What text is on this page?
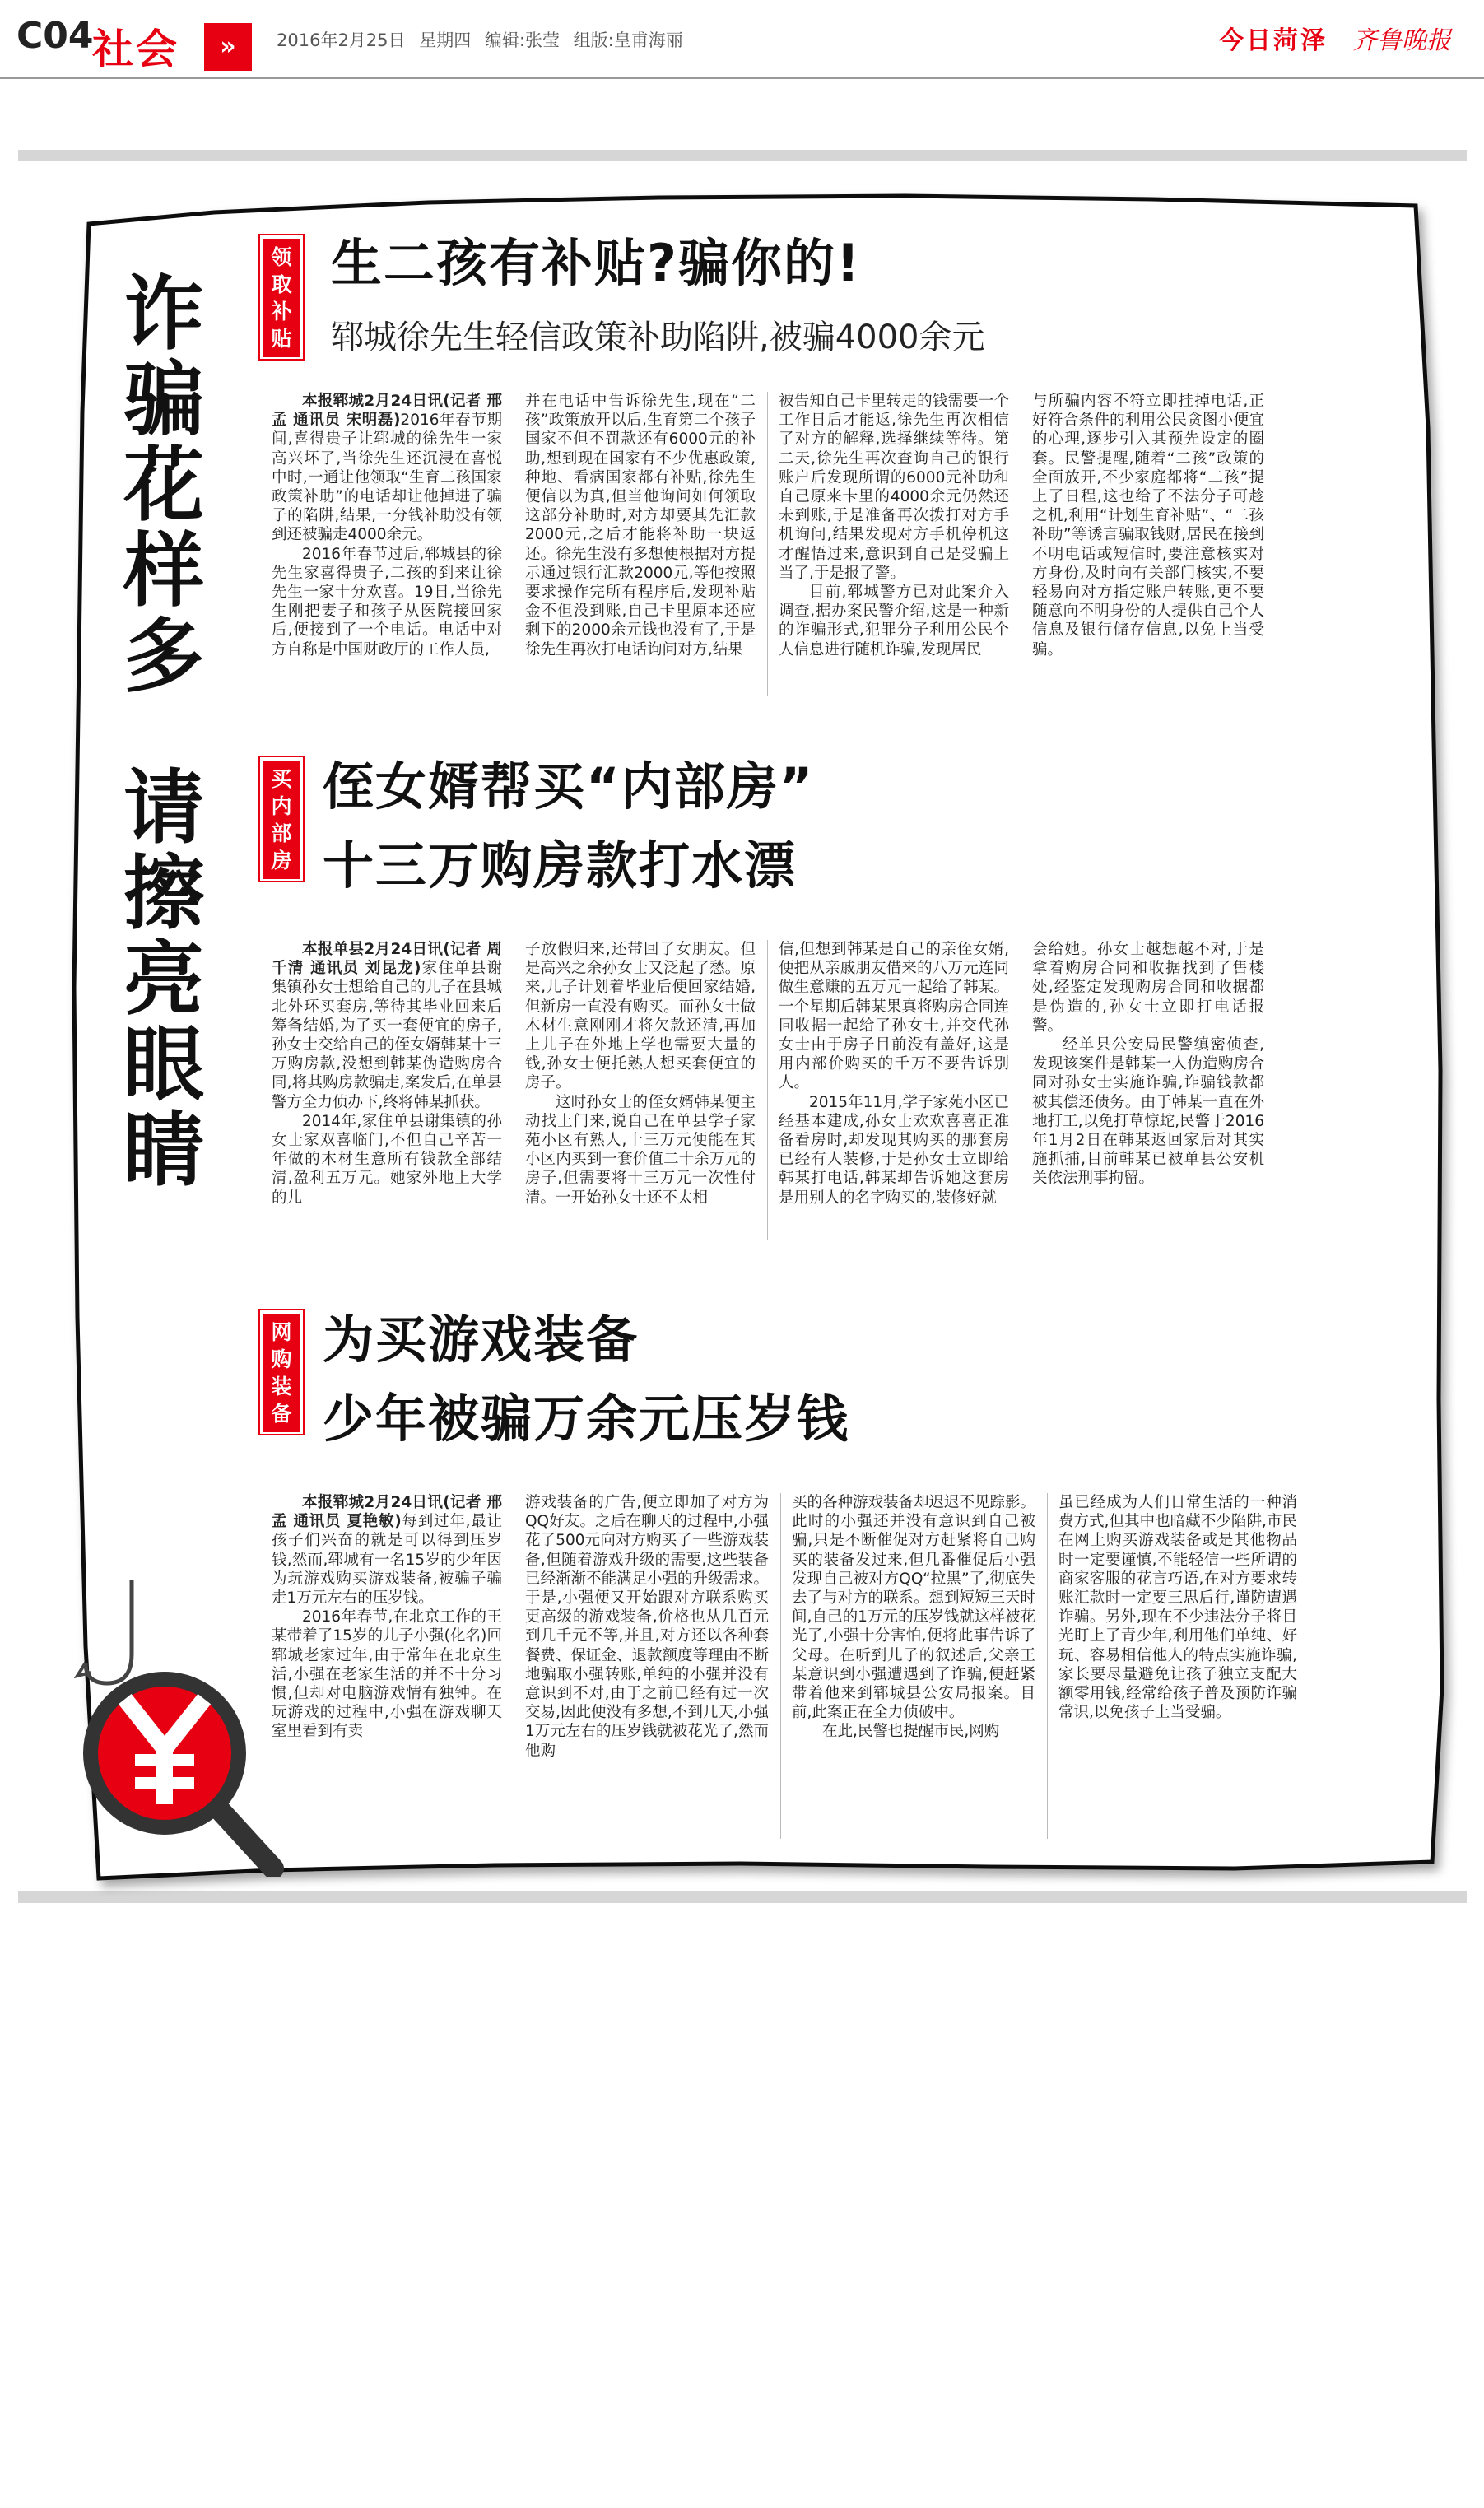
C04
社会	»	2016年2月25日 星期四 编辑:张莹 组版:皇甫海丽	今日菏泽 齐鲁晚报
诈骗花样多
请擦亮眼睛
领取补贴
生二孩有补贴?骗你的!
郓城徐先生轻信政策补助陷阱,被骗4000余元

本报郓城2月24日讯(记者 邢孟 通讯员 宋明磊)2016年春节期间,喜得贵子让郓城的徐先生一家高兴坏了,当徐先生还沉浸在喜悦中时,一通让他领取“生育二孩国家政策补助”的电话却让他掉进了骗子的陷阱,结果,一分钱补助没有领到还被骗走4000余元。

2016年春节过后,郓城县的徐先生家喜得贵子,二孩的到来让徐先生一家十分欢喜。19日,当徐先生刚把妻子和孩子从医院接回家后,便接到了一个电话。电话中对方自称是中国财政厅的工作人员,

并在电话中告诉徐先生,现在“二孩”政策放开以后,生育第二个孩子国家不但不罚款还有6000元的补助,想到现在国家有不少优惠政策,种地、看病国家都有补贴,徐先生便信以为真,但当他询问如何领取这部分补助时,对方却要其先汇款2000元,之后才能将补助一块返还。徐先生没有多想便根据对方提示通过银行汇款2000元,等他按照要求操作完所有程序后,发现补贴金不但没到账,自己卡里原本还应剩下的2000余元钱也没有了,于是徐先生再次打电话询问对方,结果

被告知自己卡里转走的钱需要一个工作日后才能返,徐先生再次相信了对方的解释,选择继续等待。第二天,徐先生再次查询自己的银行账户后发现所谓的6000元补助和自己原来卡里的4000余元仍然还未到账,于是准备再次拨打对方手机询问,结果发现对方手机停机这才醒悟过来,意识到自己是受骗上当了,于是报了警。

目前,郓城警方已对此案介入调查,据办案民警介绍,这是一种新的诈骗形式,犯罪分子利用公民个人信息进行随机诈骗,发现居民

与所骗内容不符立即挂掉电话,正好符合条件的利用公民贪图小便宜的心理,逐步引入其预先设定的圈套。民警提醒,随着“二孩”政策的全面放开,不少家庭都将“二孩”提上了日程,这也给了不法分子可趁之机,利用“计划生育补贴”、“二孩补助”等诱言骗取钱财,居民在接到不明电话或短信时,要注意核实对方身份,及时向有关部门核实,不要轻易向对方指定账户转账,更不要随意向不明身份的人提供自己个人信息及银行储存信息,以免上当受骗。

买内部房
侄女婿帮买“内部房”
十三万购房款打水漂

本报单县2月24日讯(记者 周千清 通讯员 刘昆龙)家住单县谢集镇孙女士想给自己的儿子在县城北外环买套房,等待其毕业回来后筹备结婚,为了买一套便宜的房子,孙女士交给自己的侄女婿韩某十三万购房款,没想到韩某伪造购房合同,将其购房款骗走,案发后,在单县警方全力侦办下,终将韩某抓获。

2014年,家住单县谢集镇的孙女士家双喜临门,不但自己辛苦一年做的木材生意所有钱款全部结清,盈利五万元。她家外地上大学的儿

子放假归来,还带回了女朋友。但是高兴之余孙女士又泛起了愁。原来,儿子计划着毕业后便回家结婚,但新房一直没有购买。而孙女士做木材生意刚刚才将欠款还清,再加上儿子在外地上学也需要大量的钱,孙女士便托熟人想买套便宜的房子。

这时孙女士的侄女婿韩某便主动找上门来,说自己在单县学子家苑小区有熟人,十三万元便能在其小区内买到一套价值二十余万元的房子,但需要将十三万元一次性付清。一开始孙女士还不太相

信,但想到韩某是自己的亲侄女婿,便把从亲戚朋友借来的八万元连同做生意赚的五万元一起给了韩某。一个星期后韩某果真将购房合同连同收据一起给了孙女士,并交代孙女士由于房子目前没有盖好,这是用内部价购买的千万不要告诉别人。

2015年11月,学子家苑小区已经基本建成,孙女士欢欢喜喜正准备看房时,却发现其购买的那套房已经有人装修,于是孙女士立即给韩某打电话,韩某却告诉她这套房是用别人的名字购买的,装修好就

会给她。孙女士越想越不对,于是拿着购房合同和收据找到了售楼处,经鉴定发现购房合同和收据都是伪造的,孙女士立即打电话报警。

经单县公安局民警缜密侦查,发现该案件是韩某一人伪造购房合同对孙女士实施诈骗,诈骗钱款都被其偿还债务。由于韩某一直在外地打工,以免打草惊蛇,民警于2016年1月2日在韩某返回家后对其实施抓捕,目前韩某已被单县公安机关依法刑事拘留。

网购装备
为买游戏装备
少年被骗万余元压岁钱

本报郓城2月24日讯(记者 邢孟 通讯员 夏艳敏)每到过年,最让孩子们兴奋的就是可以得到压岁钱,然而,郓城有一名15岁的少年因为玩游戏购买游戏装备,被骗子骗走1万元左右的压岁钱。

2016年春节,在北京工作的王某带着了15岁的儿子小强(化名)回郓城老家过年,由于常年在北京生活,小强在老家生活的并不十分习惯,但却对电脑游戏情有独钟。在玩游戏的过程中,小强在游戏聊天室里看到有卖

游戏装备的广告,便立即加了对方为QQ好友。之后在聊天的过程中,小强花了500元向对方购买了一些游戏装备,但随着游戏升级的需要,这些装备已经渐渐不能满足小强的升级需求。于是,小强便又开始跟对方联系购买更高级的游戏装备,价格也从几百元到几千元不等,并且,对方还以各种套餐费、保证金、退款额度等理由不断地骗取小强转账,单纯的小强并没有意识到不对,由于之前已经有过一次交易,因此便没有多想,不到几天,小强1万元左右的压岁钱就被花光了,然而他购

买的各种游戏装备却迟迟不见踪影。此时的小强还并没有意识到自己被骗,只是不断催促对方赶紧将自己购买的装备发过来,但几番催促后小强发现自己被对方QQ“拉黑”了,彻底失去了与对方的联系。想到短短三天时间,自己的1万元的压岁钱就这样被花光了,小强十分害怕,便将此事告诉了父母。在听到儿子的叙述后,父亲王某意识到小强遭遇到了诈骗,便赶紧带着他来到郓城县公安局报案。目前,此案正在全力侦破中。

在此,民警也提醒市民,网购

虽已经成为人们日常生活的一种消费方式,但其中也暗藏不少陷阱,市民在网上购买游戏装备或是其他物品时一定要谨慎,不能轻信一些所谓的商家客服的花言巧语,在对方要求转账汇款时一定要三思后行,谨防遭遇诈骗。另外,现在不少违法分子将目光盯上了青少年,利用他们单纯、好玩、容易相信他人的特点实施诈骗,家长要尽量避免让孩子独立支配大额零用钱,经常给孩子普及预防诈骗常识,以免孩子上当受骗。
